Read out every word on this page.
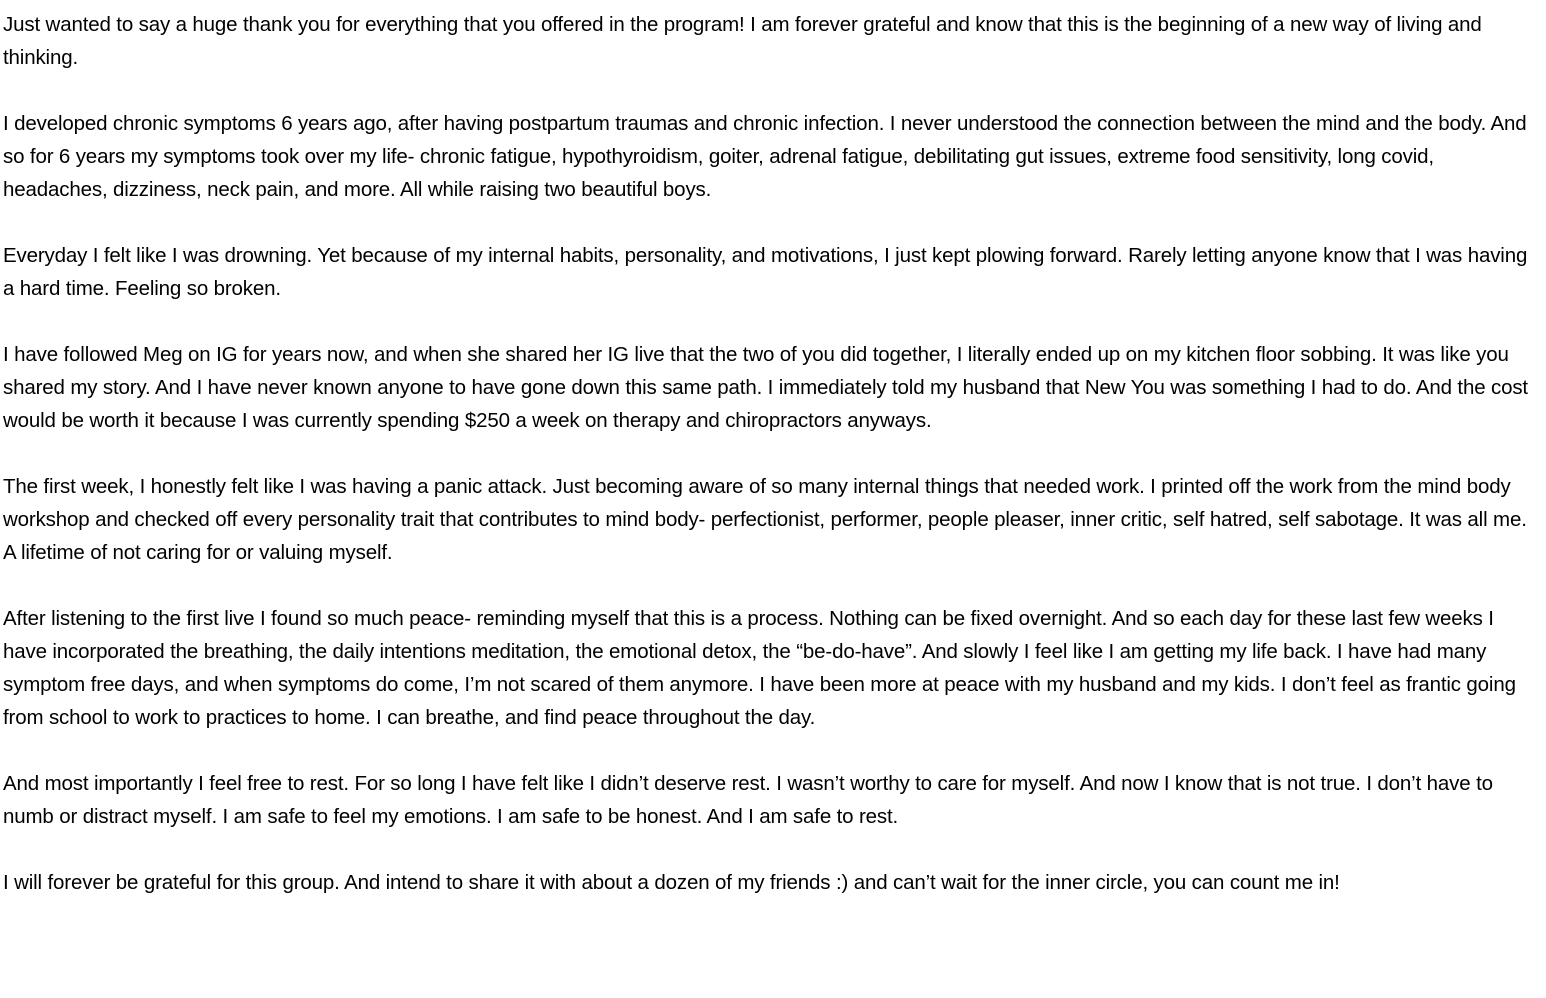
Just wanted to say a huge thank you for everything that you offered in the program! I am forever grateful and know that this is the beginning of a new way of living and thinking.

I developed chronic symptoms 6 years ago, after having postpartum traumas and chronic infection. I never understood the connection between the mind and the body. And so for 6 years my symptoms took over my life- chronic fatigue, hypothyroidism, goiter, adrenal fatigue, debilitating gut issues, extreme food sensitivity, long covid, headaches, dizziness, neck pain, and more. All while raising two beautiful boys.

Everyday I felt like I was drowning. Yet because of my internal habits, personality, and motivations, I just kept plowing forward. Rarely letting anyone know that I was having a hard time. Feeling so broken.

I have followed Meg on IG for years now, and when she shared her IG live that the two of you did together, I literally ended up on my kitchen floor sobbing. It was like you shared my story. And I have never known anyone to have gone down this same path. I immediately told my husband that New You was something I had to do. And the cost would be worth it because I was currently spending $250 a week on therapy and chiropractors anyways.

The first week, I honestly felt like I was having a panic attack. Just becoming aware of so many internal things that needed work. I printed off the work from the mind body workshop and checked off every personality trait that contributes to mind body- perfectionist, performer, people pleaser, inner critic, self hatred, self sabotage. It was all me. A lifetime of not caring for or valuing myself.

After listening to the first live I found so much peace- reminding myself that this is a process. Nothing can be fixed overnight. And so each day for these last few weeks I have incorporated the breathing, the daily intentions meditation, the emotional detox, the “be-do-have”. And slowly I feel like I am getting my life back. I have had many symptom free days, and when symptoms do come, I’m not scared of them anymore. I have been more at peace with my husband and my kids. I don’t feel as frantic going from school to work to practices to home. I can breathe, and find peace throughout the day.

And most importantly I feel free to rest. For so long I have felt like I didn’t deserve rest. I wasn’t worthy to care for myself. And now I know that is not true. I don’t have to numb or distract myself. I am safe to feel my emotions. I am safe to be honest. And I am safe to rest.

I will forever be grateful for this group. And intend to share it with about a dozen of my friends :) and can’t wait for the inner circle, you can count me in!
